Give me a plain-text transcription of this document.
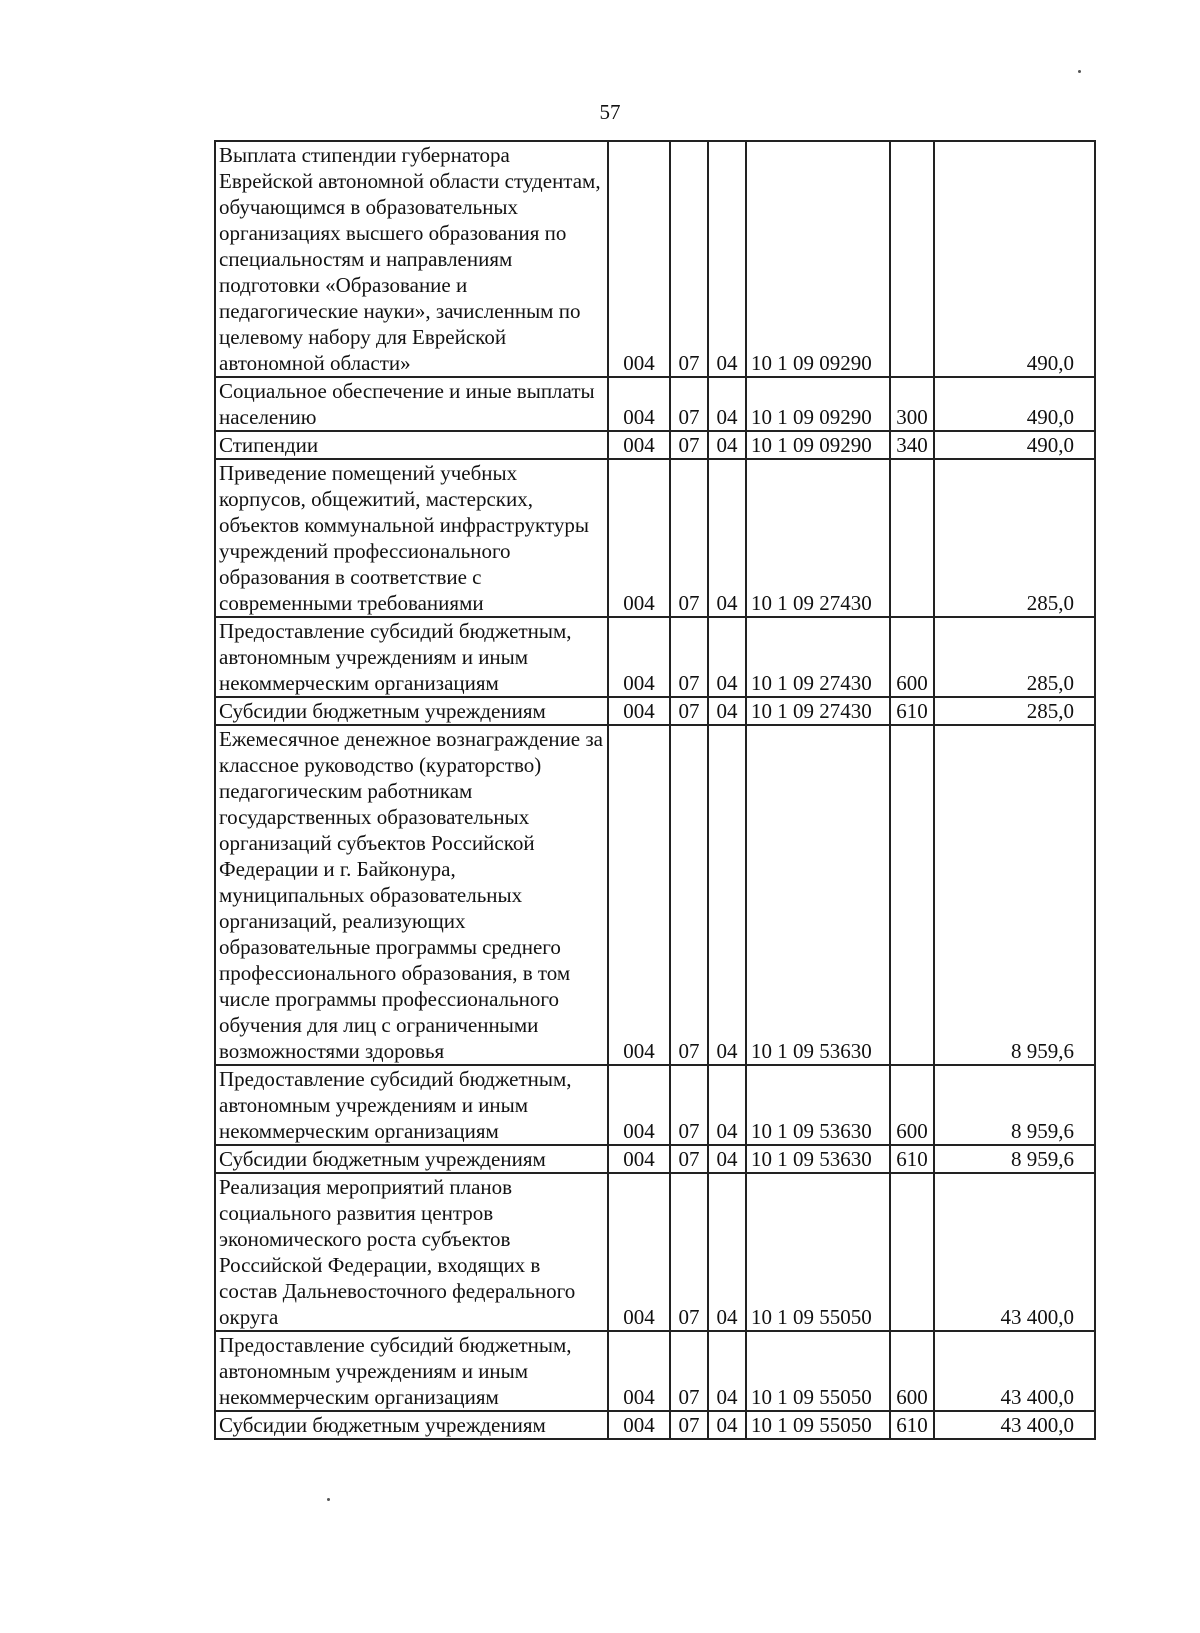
57
Выплата стипендии губернатора Еврейской автономной области студентам, обучающимся в образовательных организациях высшего образования по специальностям и направлениям подготовки «Образование и педагогические науки», зачисленным по целевому набору для Еврейской автономной области»	004	07	04	10 1 09 09290		490,0
Социальное обеспечение и иные выплаты населению	004	07	04	10 1 09 09290	300	490,0
Стипендии	004	07	04	10 1 09 09290	340	490,0
Приведение помещений учебных корпусов, общежитий, мастерских, объектов коммунальной инфраструктуры учреждений профессионального образования в соответствие с современными требованиями	004	07	04	10 1 09 27430		285,0
Предоставление субсидий бюджетным, автономным учреждениям и иным некоммерческим организациям	004	07	04	10 1 09 27430	600	285,0
Субсидии бюджетным учреждениям	004	07	04	10 1 09 27430	610	285,0
Ежемесячное денежное вознаграждение за классное руководство (кураторство) педагогическим работникам государственных образовательных организаций субъектов Российской Федерации и г. Байконура, муниципальных образовательных организаций, реализующих образовательные программы среднего профессионального образования, в том числе программы профессионального обучения для лиц с ограниченными возможностями здоровья	004	07	04	10 1 09 53630		8 959,6
Предоставление субсидий бюджетным, автономным учреждениям и иным некоммерческим организациям	004	07	04	10 1 09 53630	600	8 959,6
Субсидии бюджетным учреждениям	004	07	04	10 1 09 53630	610	8 959,6
Реализация мероприятий планов социального развития центров экономического роста субъектов Российской Федерации, входящих в состав Дальневосточного федерального округа	004	07	04	10 1 09 55050		43 400,0
Предоставление субсидий бюджетным, автономным учреждениям и иным некоммерческим организациям	004	07	04	10 1 09 55050	600	43 400,0
Субсидии бюджетным учреждениям	004	07	04	10 1 09 55050	610	43 400,0
